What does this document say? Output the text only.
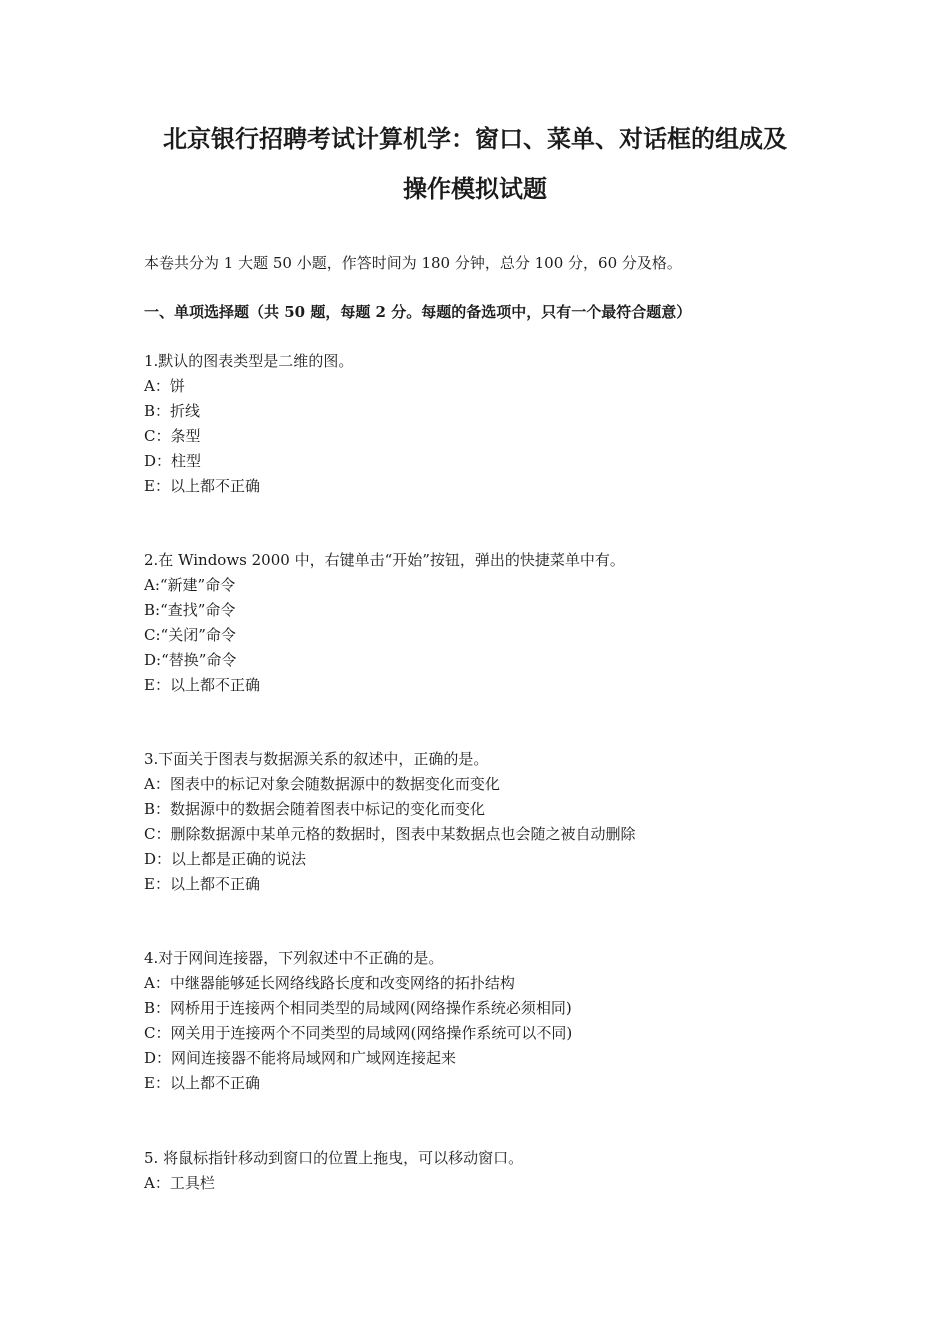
北京银行招聘考试计算机学：窗口、菜单、对话框的组成及
操作模拟试题

本卷共分为 1 大题 50 小题，作答时间为 180 分钟，总分 100 分，60 分及格。

一、单项选择题（共 50 题，每题 2 分。每题的备选项中，只有一个最符合题意）

1.默认的图表类型是二维的图。

A：饼

B：折线

C：条型

D：柱型

E：以上都不正确

2.在 Windows 2000 中，右键单击“开始”按钮，弹出的快捷菜单中有。

A:“新建”命令

B:“查找”命令

C:“关闭”命令

D:“替换”命令

E：以上都不正确

3.下面关于图表与数据源关系的叙述中，正确的是。

A：图表中的标记对象会随数据源中的数据变化而变化

B：数据源中的数据会随着图表中标记的变化而变化

C：删除数据源中某单元格的数据时，图表中某数据点也会随之被自动删除

D：以上都是正确的说法

E：以上都不正确

4.对于网间连接器，下列叙述中不正确的是。

A：中继器能够延长网络线路长度和改变网络的拓扑结构

B：网桥用于连接两个相同类型的局域网(网络操作系统必须相同)

C：网关用于连接两个不同类型的局域网(网络操作系统可以不同)

D：网间连接器不能将局域网和广域网连接起来

E：以上都不正确

5. 将鼠标指针移动到窗口的位置上拖曳，可以移动窗口。

A：工具栏
